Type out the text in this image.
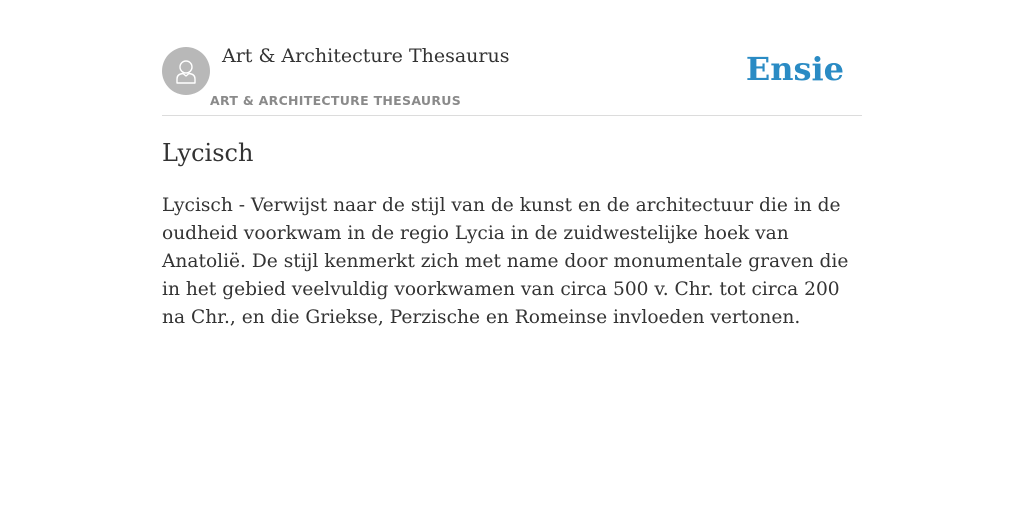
Art & Architecture Thesaurus
ART & ARCHITECTURE THESAURUS
Ensie
Lycisch

Lycisch - Verwijst naar de stijl van de kunst en de architectuur die in de oudheid voorkwam in de regio Lycia in de zuidwestelijke hoek van Anatolië. De stijl kenmerkt zich met name door monumentale graven die in het gebied veelvuldig voorkwamen van circa 500 v. Chr. tot circa 200 na Chr., en die Griekse, Perzische en Romeinse invloeden vertonen.
